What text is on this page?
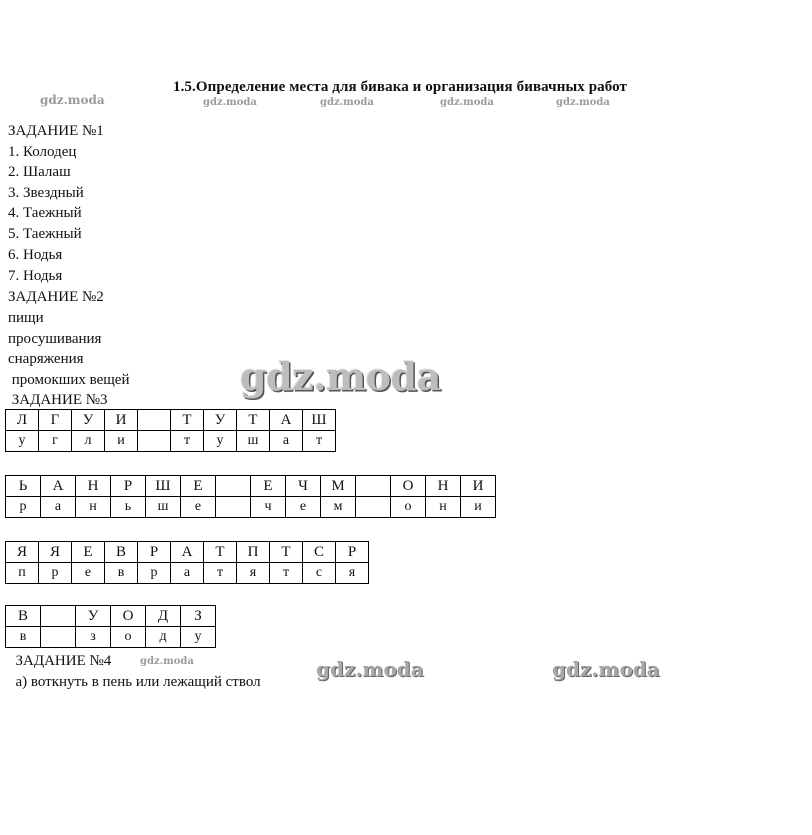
1.5.Определение места для бивака и организация бивачных работ
gdz.moda	gdz.moda	gdz.moda	gdz.moda	gdz.moda
ЗАДАНИЕ №1
1. Колодец
2. Шалаш
3. Звездный
4. Таежный
5. Таежный
6. Нодья
7. Нодья
ЗАДАНИЕ №2
пищи
просушивания
снаряжения
промокших вещей	gdz.moda
ЗАДАНИЕ №3
Л	Г	У	И		Т	У	Т	А	Ш
у	г	л	и		т	у	ш	а	т
Ь	А	Н	Р	Ш	Е		Е	Ч	М		О	Н	И
р	а	н	ь	ш	е		ч	е	м		о	н	и
Я	Я	Е	В	Р	А	Т	П	Т	С	Р
п	р	е	в	р	а	т	я	т	с	я
В		У	О	Д	З
в		з	о	д	у
ЗАДАНИЕ №4	gdz.moda	gdz.moda	gdz.moda
а) воткнуть в пень или лежащий ствол
